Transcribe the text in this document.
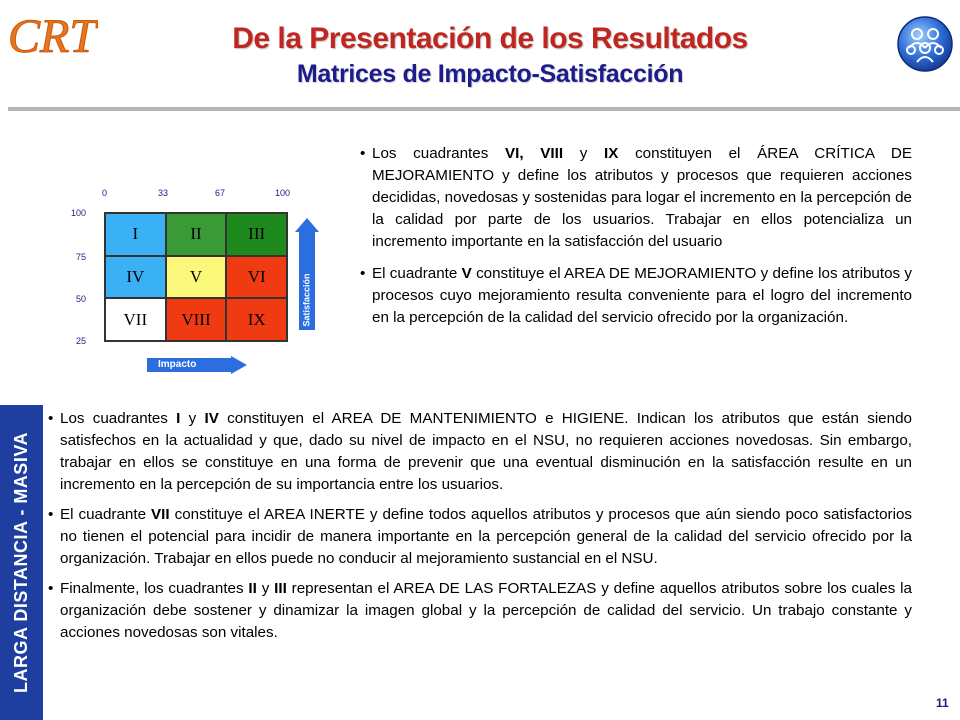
CRT	De la Presentación de los Resultados
Matrices de Impacto-Satisfacción
LARGA DISTANCIA - MASIVA
0	33	67	100
100
75
50
25
I	II	III
IV	V	VI
VII	VIII	IX	Satisfacción
Impacto
• Los cuadrantes VI, VIII y IX constituyen el ÁREA CRÍTICA DE MEJORAMIENTO y define los atributos y procesos que requieren acciones decididas, novedosas y sostenidas para logar el incremento en la percepción de la calidad por parte de los usuarios. Trabajar en ellos potencializa un incremento importante en la satisfacción del usuario
• El cuadrante V constituye el AREA DE MEJORAMIENTO y define los atributos y procesos cuyo mejoramiento resulta conveniente para el logro del incremento en la percepción de la calidad del servicio ofrecido por la organización.
• Los cuadrantes I y IV constituyen el AREA DE MANTENIMIENTO e HIGIENE. Indican los atributos que están siendo satisfechos en la actualidad y que, dado su nivel de impacto en el NSU, no requieren acciones novedosas. Sin embargo, trabajar en ellos se constituye en una forma de prevenir que una eventual disminución en la satisfacción resulte en un incremento en la percepción de su importancia entre los usuarios.
• El cuadrante VII constituye el AREA INERTE y define todos aquellos atributos y procesos que aún siendo poco satisfactorios no tienen el potencial para incidir de manera importante en la percepción general de la calidad del servicio ofrecido por la organización. Trabajar en ellos puede no conducir al mejoramiento sustancial en el NSU.
• Finalmente, los cuadrantes II y III representan el AREA DE LAS FORTALEZAS y define aquellos atributos sobre los cuales la organización debe sostener y dinamizar la imagen global y la percepción de calidad del servicio. Un trabajo constante y acciones novedosas son vitales.
11
